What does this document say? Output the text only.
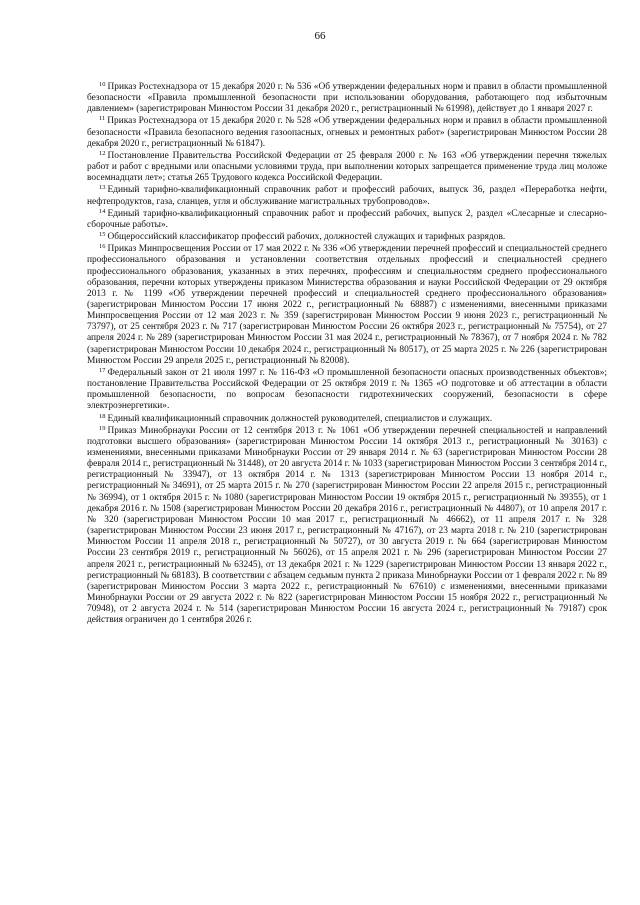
66

$^{10}$ Приказ Ростехнадзора от 15 декабря 2020 г. № 536 «Об утверждении федеральных норм и правил в области промышленной безопасности «Правила промышленной безопасности при использовании оборудования, работающего под избыточным давлением» (зарегистрирован Минюстом России 31 декабря 2020 г., регистрационный № 61998), действует до 1 января 2027 г.

$^{11}$ Приказ Ростехнадзора от 15 декабря 2020 г. № 528 «Об утверждении федеральных норм и правил в области промышленной безопасности «Правила безопасного ведения газоопасных, огневых и ремонтных работ» (зарегистрирован Минюстом России 28 декабря 2020 г., регистрационный № 61847).

$^{12}$ Постановление Правительства Российской Федерации от 25 февраля 2000 г. № 163 «Об утверждении перечня тяжелых работ и работ с вредными или опасными условиями труда, при выполнении которых запрещается применение труда лиц моложе восемнадцати лет»; статья 265 Трудового кодекса Российской Федерации.

$^{13}$ Единый тарифно-квалификационный справочник работ и профессий рабочих, выпуск 36, раздел «Переработка нефти, нефтепродуктов, газа, сланцев, угля и обслуживание магистральных трубопроводов».

$^{14}$ Единый тарифно-квалификационный справочник работ и профессий рабочих, выпуск 2, раздел «Слесарные и слесарно-сборочные работы».

$^{15}$ Общероссийский классификатор профессий рабочих, должностей служащих и тарифных разрядов.

$^{16}$ Приказ Минпросвещения России от 17 мая 2022 г. № 336 «Об утверждении перечней профессий и специальностей среднего профессионального образования и установлении соответствия отдельных профессий и специальностей среднего профессионального образования, указанных в этих перечнях, профессиям и специальностям среднего профессионального образования, перечни которых утверждены приказом Министерства образования и науки Российской Федерации от 29 октября 2013 г. № 1199 «Об утверждении перечней профессий и специальностей среднего профессионального образования» (зарегистрирован Минюстом России 17 июня 2022 г., регистрационный № 68887) с изменениями, внесенными приказами Минпросвещения России от 12 мая 2023 г. № 359 (зарегистрирован Минюстом России 9 июня 2023 г., регистрационный № 73797), от 25 сентября 2023 г. № 717 (зарегистрирован Минюстом России 26 октября 2023 г., регистрационный № 75754), от 27 апреля 2024 г. № 289 (зарегистрирован Минюстом России 31 мая 2024 г., регистрационный № 78367), от 7 ноября 2024 г. № 782 (зарегистрирован Минюстом России 10 декабря 2024 г., регистрационный № 80517), от 25 марта 2025 г. № 226 (зарегистрирован Минюстом России 29 апреля 2025 г., регистрационный № 82008).

$^{17}$ Федеральный закон от 21 июля 1997 г. № 116-ФЗ «О промышленной безопасности опасных производственных объектов»; постановление Правительства Российской Федерации от 25 октября 2019 г. № 1365 «О подготовке и об аттестации в области промышленной безопасности, по вопросам безопасности гидротехнических сооружений, безопасности в сфере электроэнергетики».

$^{18}$ Единый квалификационный справочник должностей руководителей, специалистов и служащих.

$^{19}$ Приказ Минобрнауки России от 12 сентября 2013 г. № 1061 «Об утверждении перечней специальностей и направлений подготовки высшего образования» (зарегистрирован Минюстом России 14 октября 2013 г., регистрационный № 30163) с изменениями, внесенными приказами Минобрнауки России от 29 января 2014 г. № 63 (зарегистрирован Минюстом России 28 февраля 2014 г., регистрационный № 31448), от 20 августа 2014 г. № 1033 (зарегистрирован Минюстом России 3 сентября 2014 г., регистрационный № 33947), от 13 октября 2014 г. № 1313 (зарегистрирован Минюстом России 13 ноября 2014 г., регистрационный № 34691), от 25 марта 2015 г. № 270 (зарегистрирован Минюстом России 22 апреля 2015 г., регистрационный № 36994), от 1 октября 2015 г. № 1080 (зарегистрирован Минюстом России 19 октября 2015 г., регистрационный № 39355), от 1 декабря 2016 г. № 1508 (зарегистрирован Минюстом России 20 декабря 2016 г., регистрационный № 44807), от 10 апреля 2017 г. № 320 (зарегистрирован Минюстом России 10 мая 2017 г., регистрационный № 46662), от 11 апреля 2017 г. № 328 (зарегистрирован Минюстом России 23 июня 2017 г., регистрационный № 47167), от 23 марта 2018 г. № 210 (зарегистрирован Минюстом России 11 апреля 2018 г., регистрационный № 50727), от 30 августа 2019 г. № 664 (зарегистрирован Минюстом России 23 сентября 2019 г., регистрационный № 56026), от 15 апреля 2021 г. № 296 (зарегистрирован Минюстом России 27 апреля 2021 г., регистрационный № 63245), от 13 декабря 2021 г. № 1229 (зарегистрирован Минюстом России 13 января 2022 г., регистрационный № 68183). В соответствии с абзацем седьмым пункта 2 приказа Минобрнауки России от 1 февраля 2022 г. № 89 (зарегистрирован Минюстом России 3 марта 2022 г., регистрационный № 67610) с изменениями, внесенными приказами Минобрнауки России от 29 августа 2022 г. № 822 (зарегистрирован Минюстом России 15 ноября 2022 г., регистрационный № 70948), от 2 августа 2024 г. № 514 (зарегистрирован Минюстом России 16 августа 2024 г., регистрационный № 79187) срок действия ограничен до 1 сентября 2026 г.
